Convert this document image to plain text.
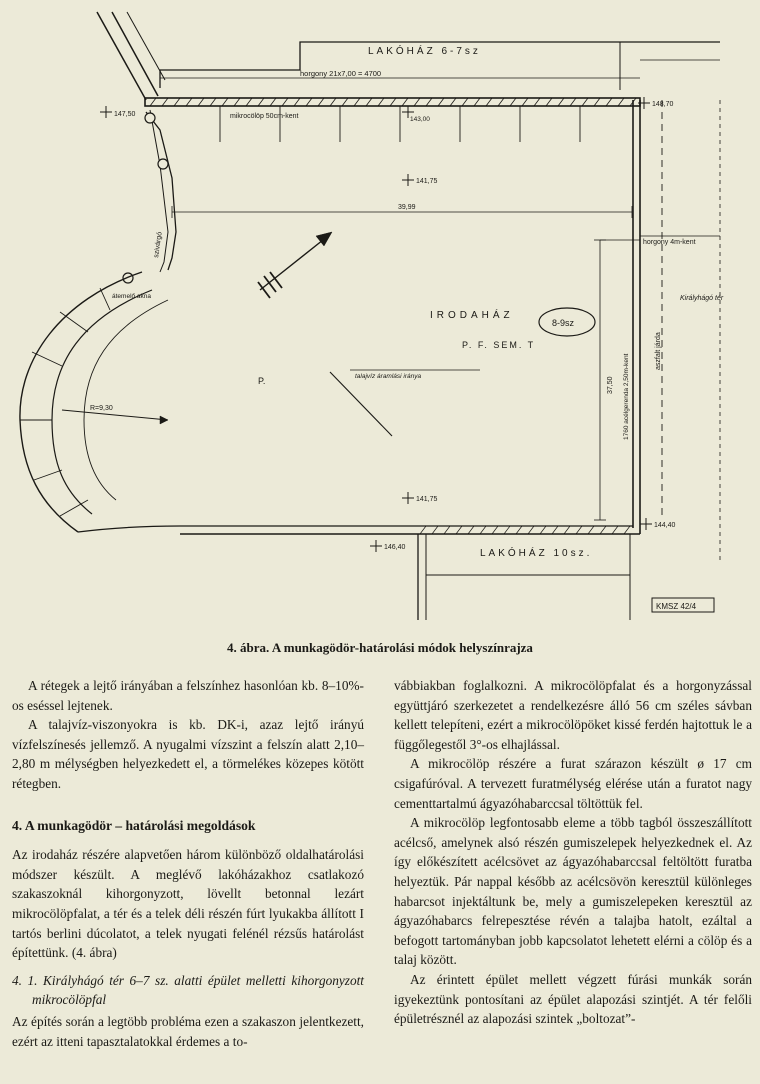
LAKÓHÁZ 6-7sz
horgony 21x7,00 = 4700
147,50
148,70
143,00
mikrocölöp 50cm-kent
141,75
39,99
horgony 4m-kent
Királyhágó tér
aszfalt járda
átemelő akna
szivárgó
IRODAHÁZ
P. F. SEM. T
8-9sz
talajvíz áramlási iránya
P.
R=9,30
37,50 1760 acélgerenda 2,50m-kent
141,75
144,40
146,40
LAKÓHÁZ 10sz.
KMSZ 42/4
4. ábra. A munkagödör-határolási módok helyszínrajza

A rétegek a lejtő irányában a felszínhez hasonlóan kb. 8–10%-os eséssel lejtenek.

A talajvíz-viszonyokra is kb. DK-i, azaz lejtő irányú vízfelszínesés jellemző. A nyugalmi vízszint a felszín alatt 2,10–2,80 m mélységben helyezkedett el, a törmelékes közepes kötött rétegben.

4. A munkagödör – határolási megoldások

Az irodaház részére alapvetően három különböző oldalhatárolási módszer készült. A meglévő lakóházakhoz csatlakozó szakaszoknál kihorgonyzott, lövellt betonnal lezárt mikrocölöpfalat, a tér és a telek déli részén fúrt lyukakba állított I tartós berlini dúcolatot, a telek nyugati felénél rézsűs határolást építettünk. (4. ábra)

4. 1. Királyhágó tér 6–7 sz. alatti épület melletti kihorgonyzott mikrocölöpfal

Az építés során a legtöbb probléma ezen a szakaszon jelentkezett, ezért az itteni tapasztalatokkal érdemes a to-

vábbiakban foglalkozni. A mikrocölöpfalat és a horgonyzással együttjáró szerkezetet a rendelkezésre álló 56 cm széles sávban kellett telepíteni, ezért a mikrocölöpöket kissé ferdén hajtottuk le a függőlegestől 3°-os elhajlással.

A mikrocölöp részére a furat szárazon készült ø 17 cm csigafúróval. A tervezett furatmélység elérése után a furatot nagy cementtartalmú ágyazóhabarccsal töltöttük fel.

A mikrocölöp legfontosabb eleme a több tagból összeszállított acélcső, amelynek alsó részén gumiszelepek helyezkednek el. Az így előkészített acélcsövet az ágyazóhabarccsal feltöltött furatba helyeztük. Pár nappal később az acélcsövön keresztül különleges habarcsot injektáltunk be, mely a gumiszelepeken keresztül az ágyazóhabarcs felrepesztése révén a talajba hatolt, ezáltal a befogott tartományban jobb kapcsolatot lehetett elérni a cölöp és a talaj között.

Az érintett épület mellett végzett fúrási munkák során igyekeztünk pontosítani az épület alapozási szintjét. A tér felőli épületrésznél az alapozási szintek „boltozat”-
